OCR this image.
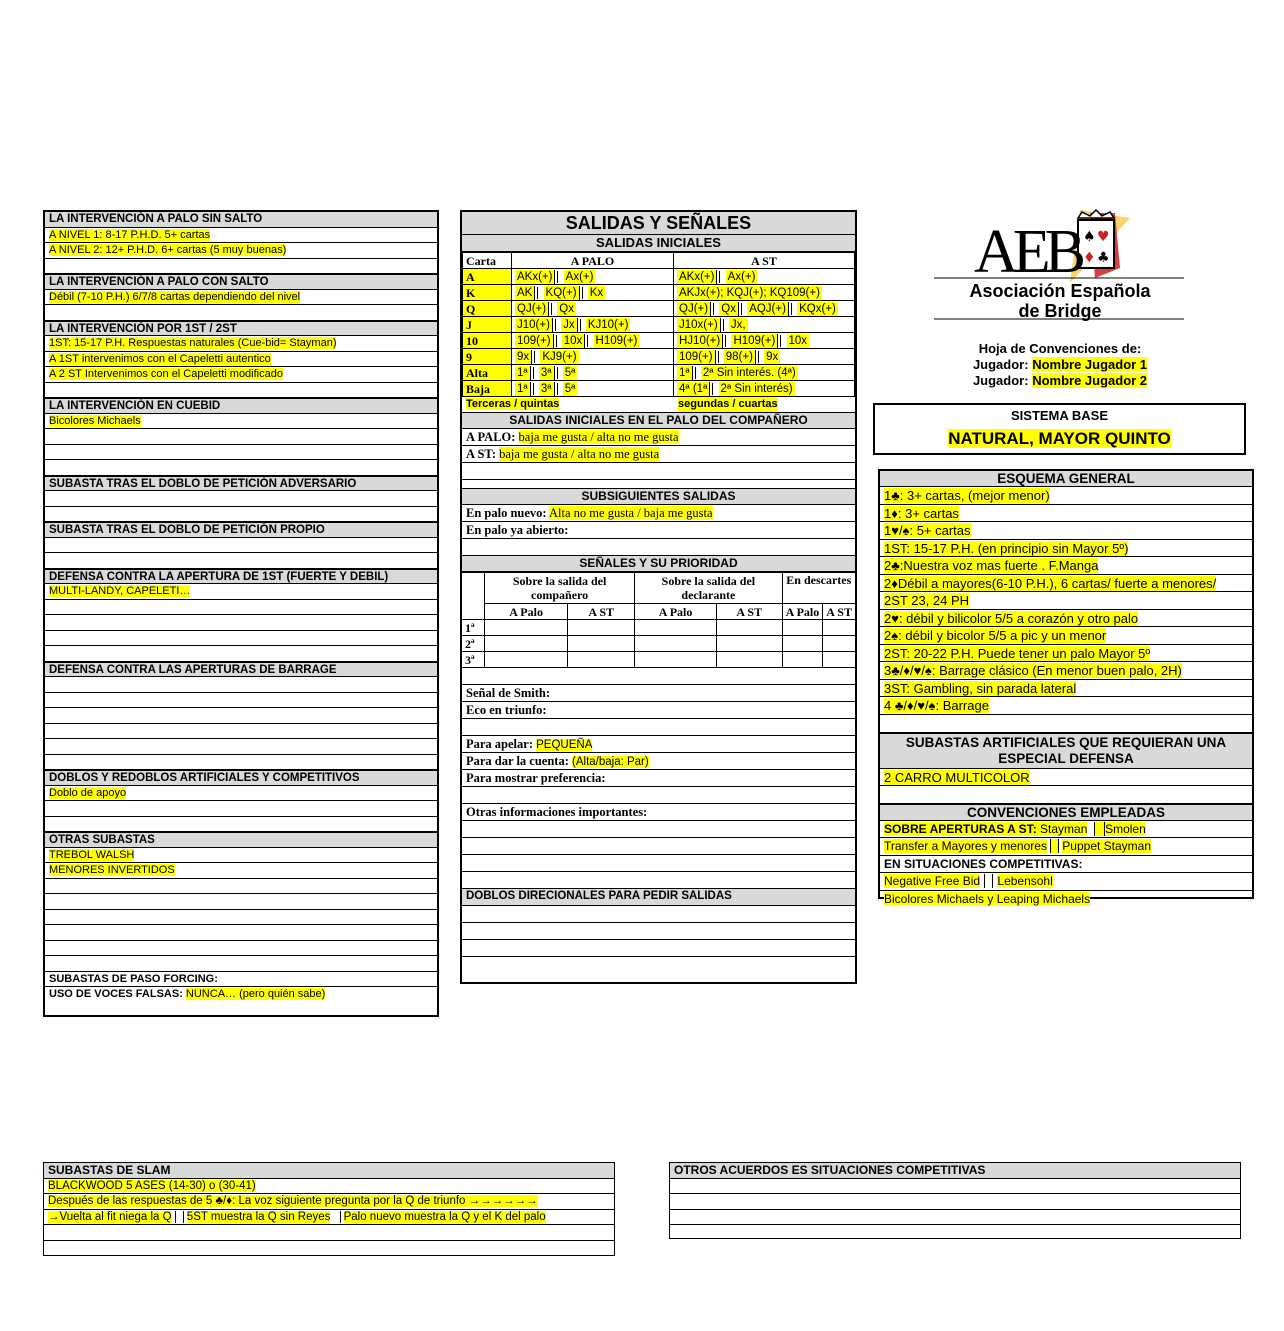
LA INTERVENCIÓN A PALO SIN SALTO
A NIVEL 1: 8-17 P.H.D. 5+ cartas
A NIVEL 2: 12+ P.H.D. 6+ cartas (5 muy buenas)
LA INTERVENCIÓN A PALO CON SALTO
Débil (7-10 P.H.) 6/7/8 cartas dependiendo del nivel
LA INTERVENCIÓN POR 1ST / 2ST
1ST: 15-17 P.H. Respuestas naturales (Cue-bid= Stayman)
A 1ST intervenimos con el Capeletti autentico
A 2 ST Intervenimos con el Capeletti modificado
LA INTERVENCIÓN EN CUEBID
Bicolores Michaels
SUBASTA TRAS EL DOBLO DE PETICIÓN ADVERSARIO
SUBASTA TRAS EL DOBLO DE PETICIÓN PROPIO
DEFENSA CONTRA LA APERTURA DE 1ST (FUERTE Y DEBIL)
MULTI-LANDY, CAPELETI…
DEFENSA CONTRA LAS APERTURAS DE BARRAGE
DOBLOS Y REDOBLOS ARTIFICIALES Y COMPETITIVOS
Doblo de apoyo
OTRAS SUBASTAS
TREBOL WALSH
MENORES INVERTIDOS
SUBASTAS DE PASO FORCING:
USO DE VOCES FALSAS: NUNCA… (pero quién sabe)
SALIDAS Y SEÑALES
SALIDAS INICIALES
Carta	A PALO	A ST
A	AKx(+) Ax(+)	AKx(+) Ax(+)
K	AK KQ(+) Kx	AKJx(+); KQJ(+); KQ109(+)
Q	QJ(+) Qx	QJ(+) Qx AQJ(+) KQx(+)
J	J10(+) Jx KJ10(+)	J10x(+) Jx,
10	109(+) 10x H109(+)	HJ10(+) H109(+) 10x
9	9x KJ9(+)	109(+) 98(+) 9x
Alta	1ª 3ª 5ª	1ª 2ª Sin interés. (4ª)
Baja	1ª 3ª 5ª	4ª (1ª 2ª Sin interés)
Terceras / quintas	segundas / cuartas
SALIDAS INICIALES EN EL PALO DEL COMPAÑERO
A PALO: baja me gusta / alta no me gusta
A ST: baja me gusta / alta no me gusta
SUBSIGUIENTES SALIDAS
En palo nuevo: Alta no me gusta / baja me gusta
En palo ya abierto:
SEÑALES Y SU PRIORIDAD
	Sobre la salida del compañero		Sobre la salida del declarante		En descartes	
	A Palo	A ST	A Palo	A ST	A Palo	A ST
1ª						
2ª						
3ª						
Señal de Smith:
Eco en triunfo:
Para apelar: PEQUEÑA
Para dar la cuenta: (Alta/baja: Par)
Para mostrar preferencia:
Otras informaciones importantes:
DOBLOS DIRECIONALES PARA PEDIR SALIDAS
♠ ♥
♦ ♣
AEB
Asociación Española
de Bridge
Hoja de Convenciones de:
Jugador: Nombre Jugador 1
Jugador: Nombre Jugador 2
SISTEMA BASE
NATURAL, MAYOR QUINTO
ESQUEMA GENERAL
1♣: 3+ cartas, (mejor menor)
1♦: 3+ cartas
1♥/♠: 5+ cartas
1ST: 15-17 P.H. (en principio sin Mayor 5º)
2♣:Nuestra voz mas fuerte . F.Manga
2♦Débil a mayores(6-10 P.H.), 6 cartas/ fuerte a menores/
2ST 23, 24 PH
2♥: débil y bilicolor 5/5 a corazón y otro palo
2♠: débil y bicolor 5/5 a pic y un menor
2ST: 20-22 P.H. Puede tener un palo Mayor 5º
3♣/♦/♥/♠: Barrage clásico (En menor buen palo, 2H)
3ST: Gambling, sin parada lateral
4 ♣/♦/♥/♠: Barrage
SUBASTAS ARTIFICIALES QUE REQUIERAN UNA ESPECIAL DEFENSA
2 CARRO MULTICOLOR
CONVENCIONES EMPLEADAS
SOBRE APERTURAS A ST: Stayman Smolen
Transfer a Mayores y menores Puppet Stayman
EN SITUACIONES COMPETITIVAS:
Negative Free Bid Lebensohl
Bicolores Michaels y Leaping Michaels
SUBASTAS DE SLAM
BLACKWOOD 5 ASES (14-30) o (30-41)
Después de las respuestas de 5 ♣/♦: La voz siguiente pregunta por la Q de triunfo →→→→→→
→Vuelta al fit niega la Q 5ST muestra la Q sin Reyes Palo nuevo muestra la Q y el K del palo
OTROS ACUERDOS ES SITUACIONES COMPETITIVAS
